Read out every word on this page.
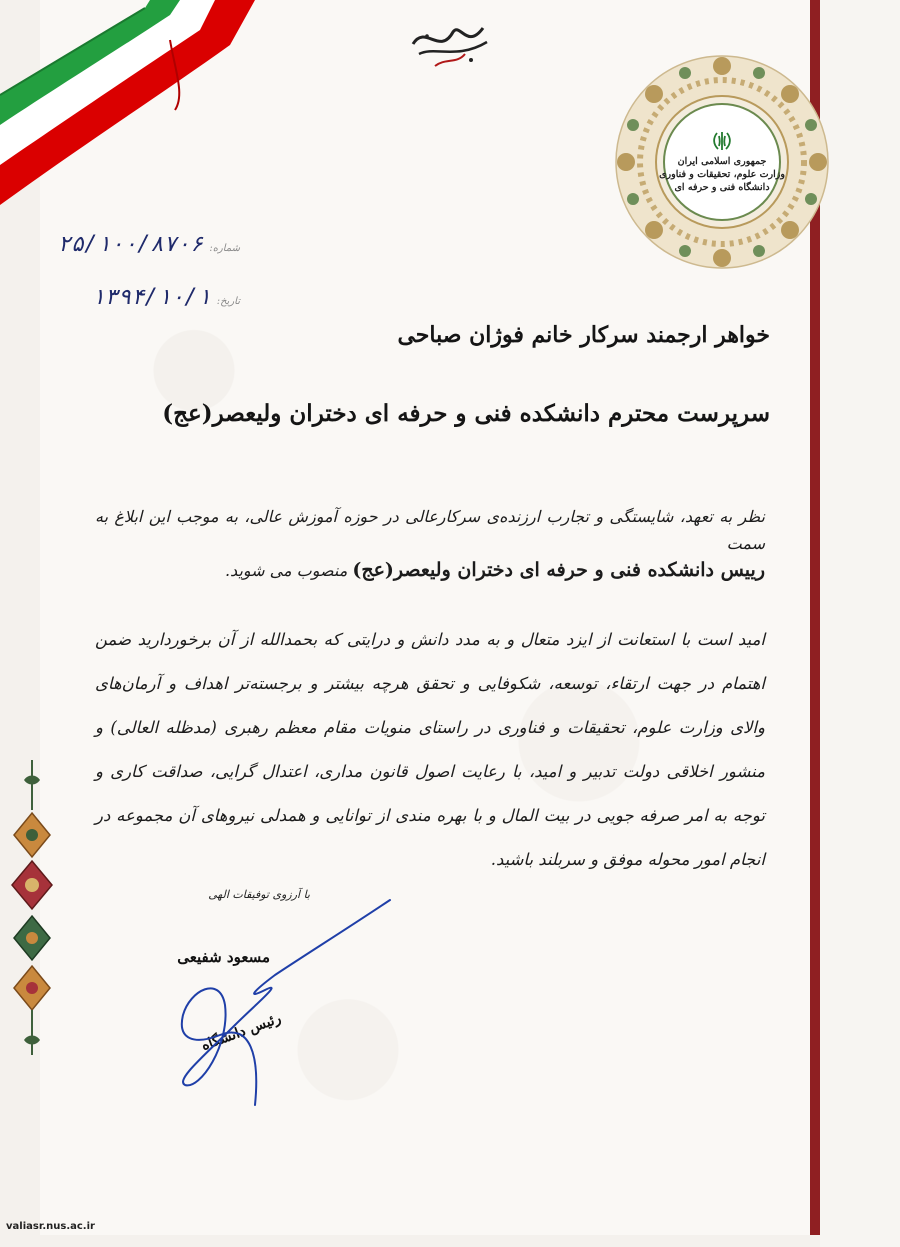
جمهوری اسلامی ایران
وزارت علوم، تحقیقات و فناوری
دانشگاه فنی و حرفه ای
شماره:
۲۵/۱۰۰/۸۷۰۶
تاریخ:
۱۳۹۴/۱۰/۱
خواهر ارجمند سرکار خانم فوژان صباحی
سرپرست محترم دانشکده فنی و حرفه ای دختران ولیعصر(عج)
نظر به تعهد، شایستگی و تجارب ارزنده‌ی سرکارعالی در حوزه آموزش عالی، به موجب این ابلاغ به سمت
رییس دانشکده فنی و حرفه ای دختران ولیعصر(عج) منصوب می شوید.
امید است با استعانت از ایزد متعال و به مدد دانش و درایتی که بحمدالله از آن برخوردارید ضمن اهتمام در جهت ارتقاء، توسعه، شکوفایی و تحقق هرچه بیشتر و برجسته‌تر اهداف و آرمان‌های والای وزارت علوم، تحقیقات و فناوری در راستای منویات مقام معظم رهبری (مدظله العالی) و منشور اخلاقی دولت تدبیر و امید، با رعایت اصول قانون مداری، اعتدال گرایی، صداقت کاری و توجه به امر صرفه جویی در بیت المال و با بهره مندی از توانایی و همدلی نیروهای آن مجموعه در انجام امور محوله موفق و سربلند باشید.
با آرزوی توفیقات الهی
مسعود شفیعی
رئیس دانشگاه
valiasr.nus.ac.ir
